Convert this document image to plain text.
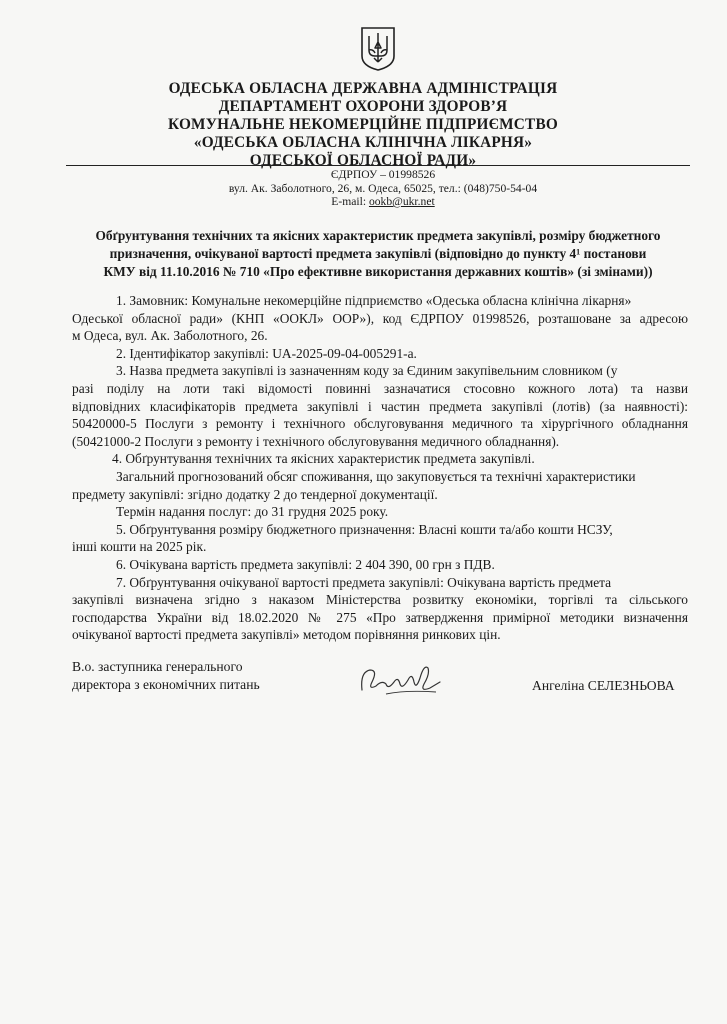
ОДЕСЬКА ОБЛАСНА ДЕРЖАВНА АДМІНІСТРАЦІЯ
ДЕПАРТАМЕНТ ОХОРОНИ ЗДОРОВ’Я
КОМУНАЛЬНЕ НЕКОМЕРЦІЙНЕ ПІДПРИЄМСТВО
«ОДЕСЬКА ОБЛАСНА КЛІНІЧНА ЛІКАРНЯ»
ОДЕСЬКОЇ ОБЛАСНОЇ РАДИ»
ЄДРПОУ – 01998526
вул. Ак. Заболотного, 26, м. Одеса, 65025, тел.: (048)750-54-04
E-mail: ookb@ukr.net
Обґрунтування технічних та якісних характеристик предмета закупівлі, розміру бюджетного
призначення, очікуваної вартості предмета закупівлі (відповідно до пункту 4¹ постанови
КМУ від 11.10.2016 № 710 «Про ефективне використання державних коштів» (зі змінами))
1. Замовник: Комунальне некомерційне підприємство «Одеська обласна клінічна лікарня»
Одеської обласної ради» (КНП «ООКЛ» ООР»), код ЄДРПОУ 01998526, розташоване за адресою
м Одеса, вул. Ак. Заболотного, 26.
2. Ідентифікатор закупівлі: UA-2025-09-04-005291-a.
3. Назва предмета закупівлі із зазначенням коду за Єдиним закупівельним словником (у
разі поділу на лоти такі відомості повинні зазначатися стосовно кожного лота) та назви
відповідних класифікаторів предмета закупівлі і частин предмета закупівлі (лотів) (за наявності):
50420000-5 Послуги з ремонту і технічного обслуговування медичного та хірургічного обладнання
(50421000-2 Послуги з ремонту і технічного обслуговування медичного обладнання).
4. Обґрунтування технічних та якісних характеристик предмета закупівлі.
Загальний прогнозований обсяг споживання, що закуповується та технічні характеристики
предмету закупівлі: згідно додатку 2 до тендерної документації.
Термін надання послуг: до 31 грудня 2025 року.
5. Обґрунтування розміру бюджетного призначення: Власні кошти та/або кошти НСЗУ,
інші кошти на 2025 рік.
6. Очікувана вартість предмета закупівлі: 2 404 390, 00 грн з ПДВ.
7. Обґрунтування очікуваної вартості предмета закупівлі: Очікувана вартість предмета
закупівлі визначена згідно з наказом Міністерства розвитку економіки, торгівлі та сільського
господарства України від 18.02.2020 № 275 «Про затвердження примірної методики визначення
очікуваної вартості предмета закупівлі» методом порівняння ринкових цін.
В.о. заступника генерального
директора з економічних питань	Ангеліна СЕЛЕЗНЬОВА
